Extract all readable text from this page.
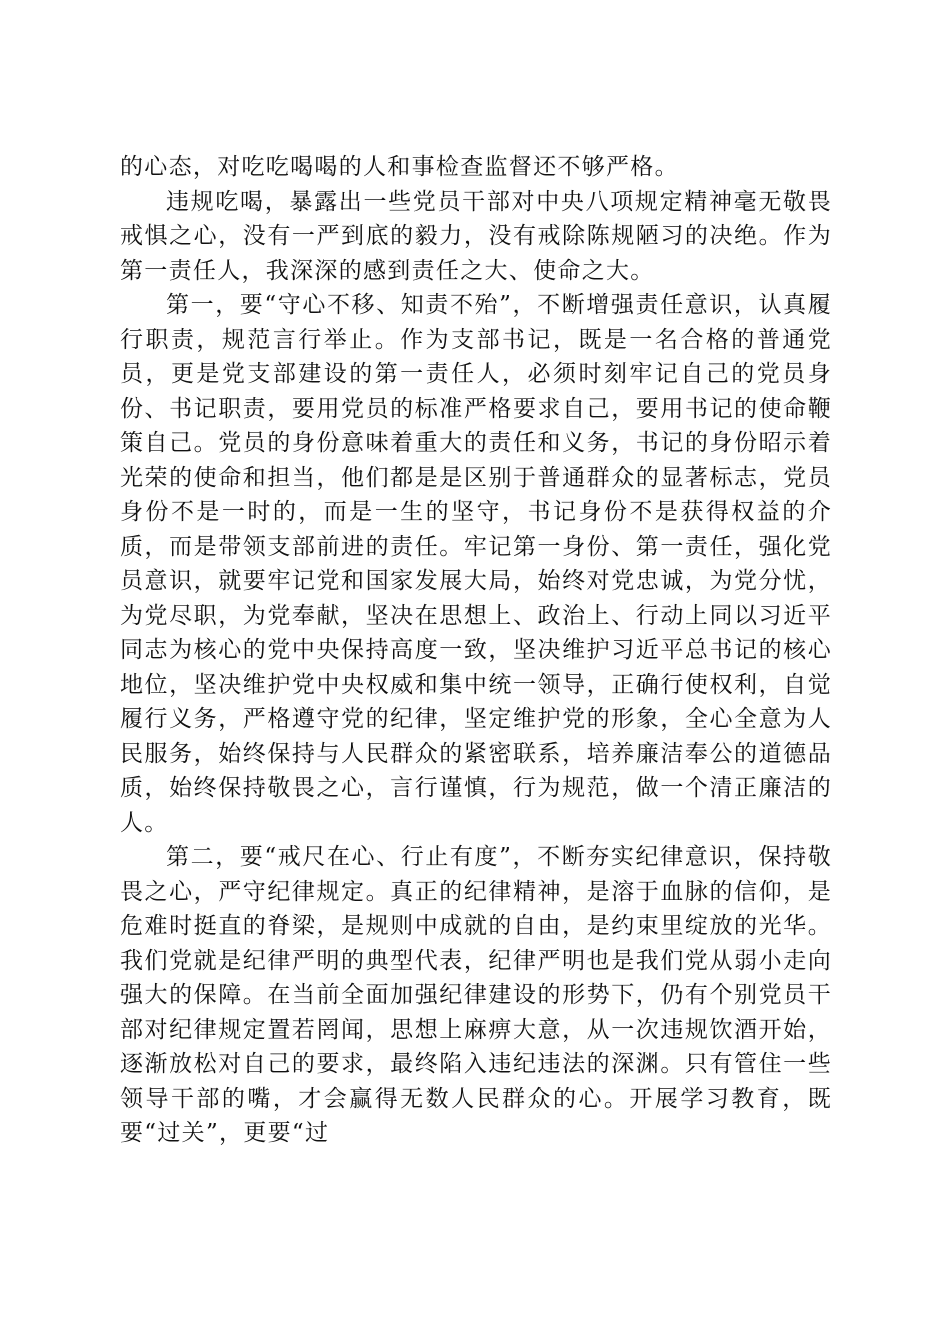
的心态，对吃吃喝喝的人和事检查监督还不够严格。

违规吃喝，暴露出一些党员干部对中央八项规定精神毫无敬畏戒惧之心，没有一严到底的毅力，没有戒除陈规陋习的决绝。作为第一责任人，我深深的感到责任之大、使命之大。

第一，要“守心不移、知责不殆”，不断增强责任意识，认真履行职责，规范言行举止。作为支部书记，既是一名合格的普通党员，更是党支部建设的第一责任人，必须时刻牢记自己的党员身份、书记职责，要用党员的标准严格要求自己，要用书记的使命鞭策自己。党员的身份意味着重大的责任和义务，书记的身份昭示着光荣的使命和担当，他们都是是区别于普通群众的显著标志，党员身份不是一时的，而是一生的坚守，书记身份不是获得权益的介质，而是带领支部前进的责任。牢记第一身份、第一责任，强化党员意识，就要牢记党和国家发展大局，始终对党忠诚，为党分忧，为党尽职，为党奉献，坚决在思想上、政治上、行动上同以习近平同志为核心的党中央保持高度一致，坚决维护习近平总书记的核心地位，坚决维护党中央权威和集中统一领导，正确行使权利，自觉履行义务，严格遵守党的纪律，坚定维护党的形象，全心全意为人民服务，始终保持与人民群众的紧密联系，培养廉洁奉公的道德品质，始终保持敬畏之心，言行谨慎，行为规范，做一个清正廉洁的人。

第二，要“戒尺在心、行止有度”，不断夯实纪律意识，保持敬畏之心，严守纪律规定。真正的纪律精神，是溶于血脉的信仰，是危难时挺直的脊梁，是规则中成就的自由，是约束里绽放的光华。我们党就是纪律严明的典型代表，纪律严明也是我们党从弱小走向强大的保障。在当前全面加强纪律建设的形势下，仍有个别党员干部对纪律规定置若罔闻，思想上麻痹大意，从一次违规饮酒开始，逐渐放松对自己的要求，最终陷入违纪违法的深渊。只有管住一些领导干部的嘴，才会赢得无数人民群众的心。开展学习教育，既要“过关”，更要“过
